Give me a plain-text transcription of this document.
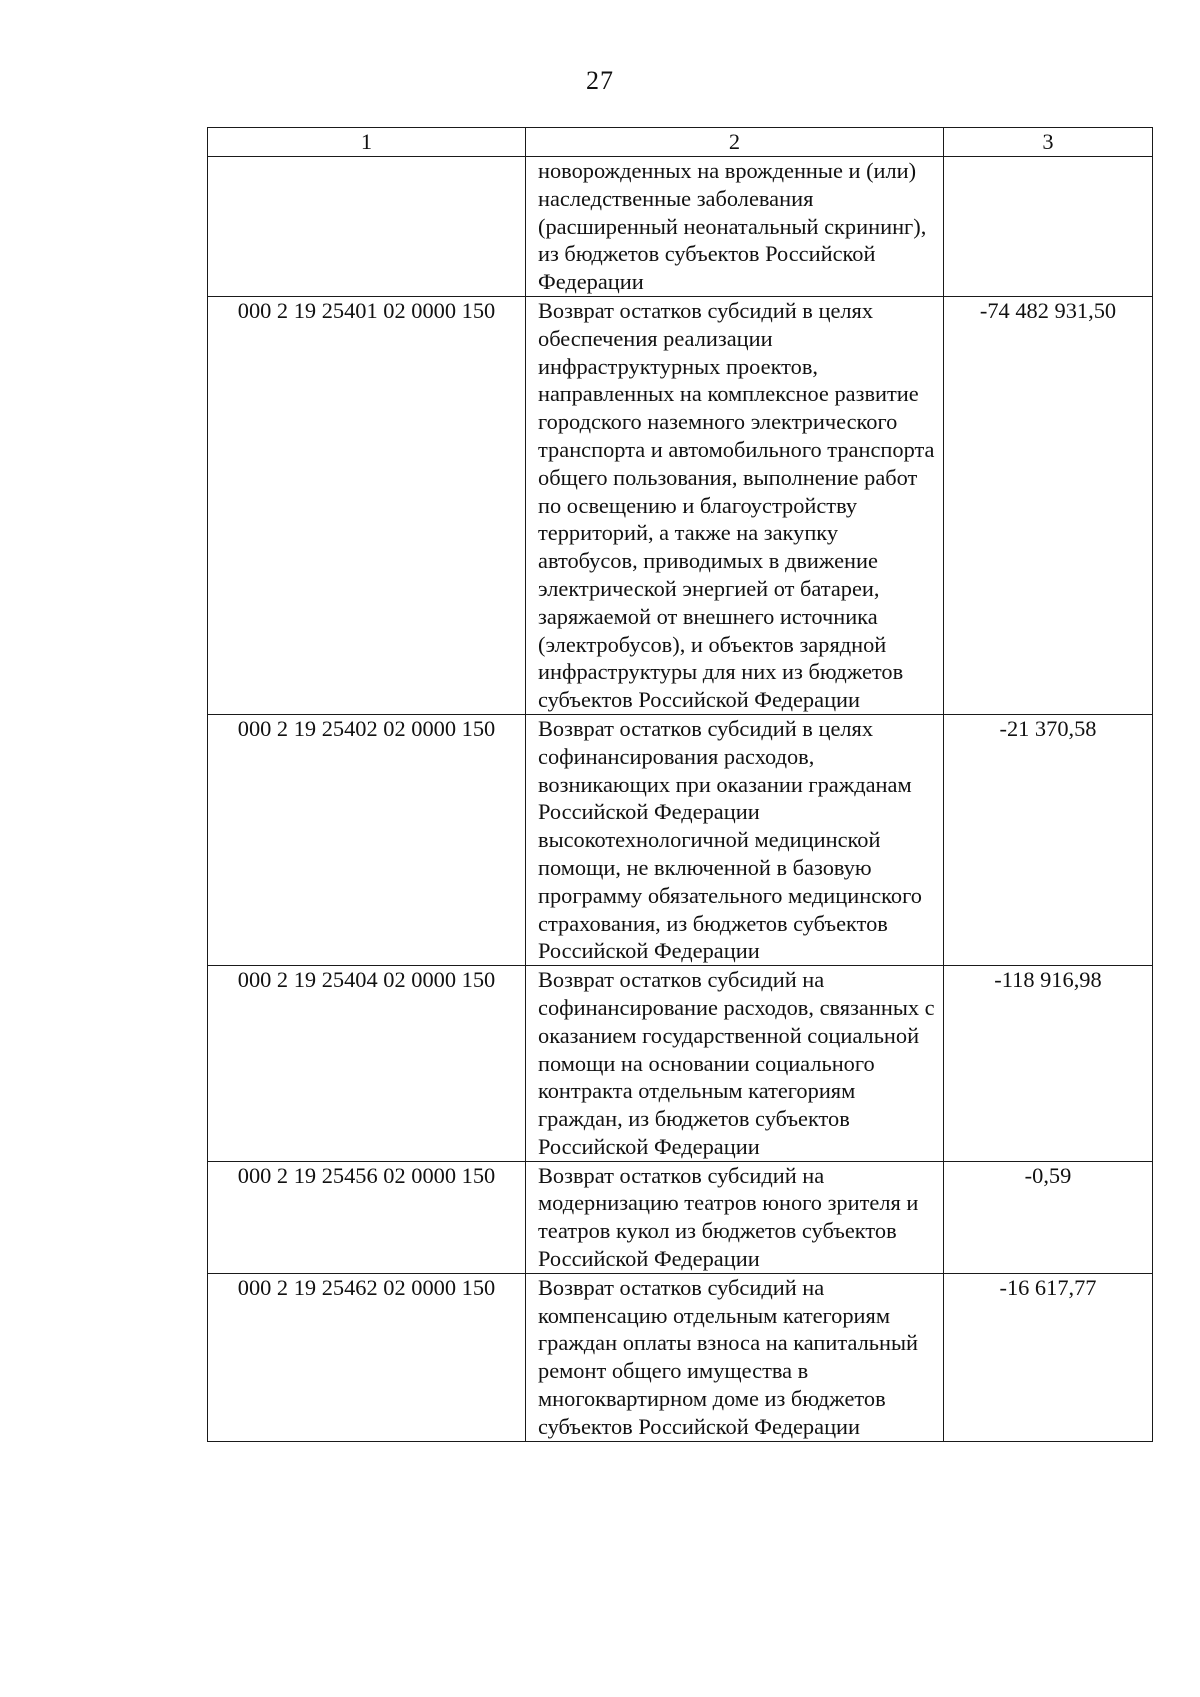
27
1	2	3
	новорожденных на врожденные и (или) наследственные заболевания (расширенный неонатальный скрининг), из бюджетов субъектов Российской Федерации	
000 2 19 25401 02 0000 150	Возврат остатков субсидий в целях обеспечения реализации инфраструктурных проектов, направленных на комплексное развитие городского наземного электрического транспорта и автомобильного транспорта общего пользования, выполнение работ по освещению и благоустройству территорий, а также на закупку автобусов, приводимых в движение электрической энергией от батареи, заряжаемой от внешнего источника (электробусов), и объектов зарядной инфраструктуры для них из бюджетов субъектов Российской Федерации	-74 482 931,50
000 2 19 25402 02 0000 150	Возврат остатков субсидий в целях софинансирования расходов, возникающих при оказании гражданам Российской Федерации высокотехнологичной медицинской помощи, не включенной в базовую программу обязательного медицинского страхования, из бюджетов субъектов Российской Федерации	-21 370,58
000 2 19 25404 02 0000 150	Возврат остатков субсидий на софинансирование расходов, связанных с оказанием государственной социальной помощи на основании социального контракта отдельным категориям граждан, из бюджетов субъектов Российской Федерации	-118 916,98
000 2 19 25456 02 0000 150	Возврат остатков субсидий на модернизацию театров юного зрителя и театров кукол из бюджетов субъектов Российской Федерации	-0,59
000 2 19 25462 02 0000 150	Возврат остатков субсидий на компенсацию отдельным категориям граждан оплаты взноса на капитальный ремонт общего имущества в многоквартирном доме из бюджетов субъектов Российской Федерации	-16 617,77
